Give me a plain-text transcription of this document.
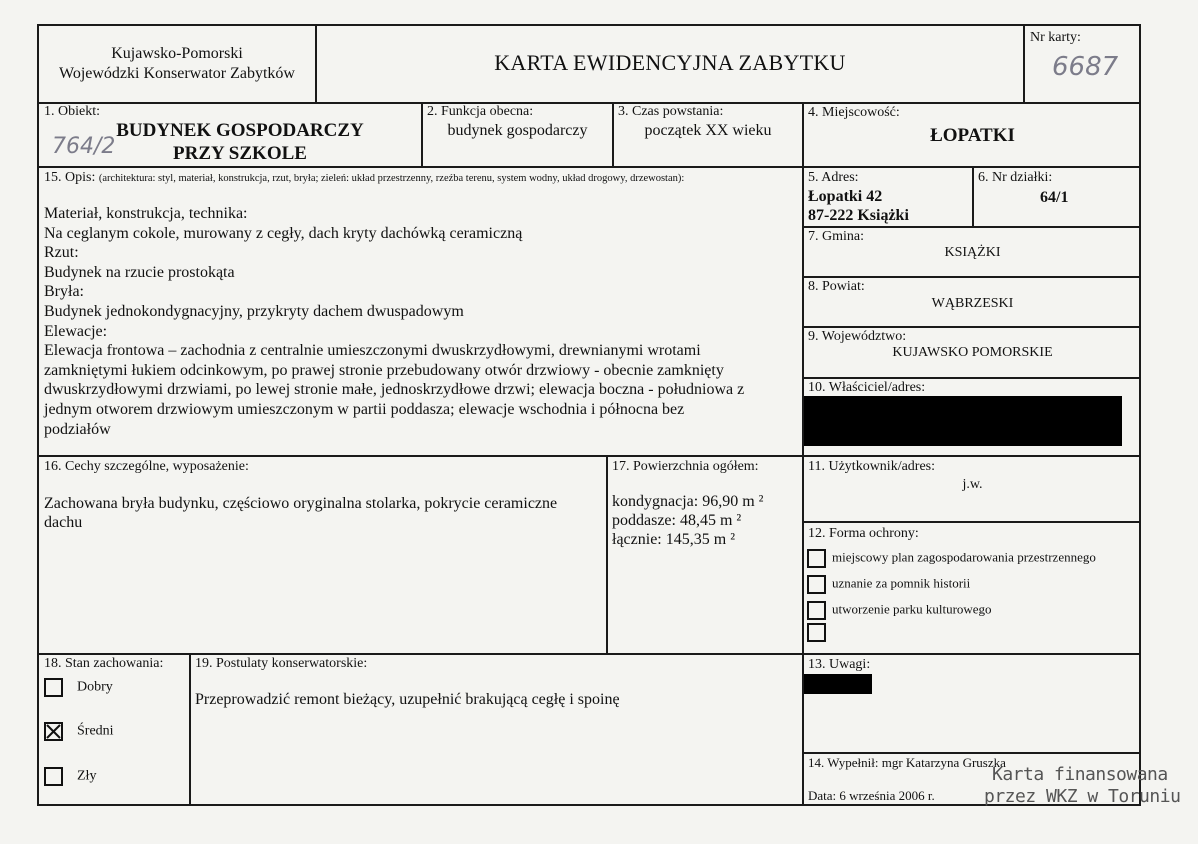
Kujawsko-Pomorski
Wojewódzki Konserwator Zabytków	KARTA EWIDENCYJNA ZABYTKU
Nr karty:
6687
1. Obiekt:
BUDYNEK GOSPODARCZY
PRZY SZKOLE
764/2
2. Funkcja obecna:
budynek gospodarczy
3. Czas powstania:
początek XX wieku
4. Miejscowość:
ŁOPATKI
5. Adres:
Łopatki 42
87-222 Książki
6. Nr działki:
64/1
7. Gmina:
KSIĄŻKI
8. Powiat:
WĄBRZESKI
9. Województwo:
KUJAWSKO POMORSKIE
10. Właściciel/adres:
11. Użytkownik/adres:
j.w.
12. Forma ochrony:
miejscowy plan zagospodarowania przestrzennego
uznanie za pomnik historii
utworzenie parku kulturowego
13. Uwagi:
14. Wypełnił: mgr Katarzyna Gruszka
Data: 6 września 2006 r.
Karta finansowana
przez WKZ w Toruniu
15. Opis: (architektura: styl, materiał, konstrukcja, rzut, bryła; zieleń: układ przestrzenny, rzeźba terenu, system wodny, układ drogowy, drzewostan):
Materiał, konstrukcja, technika:
Na ceglanym cokole, murowany z cegły, dach kryty dachówką ceramiczną
Rzut:
Budynek na rzucie prostokąta
Bryła:
Budynek jednokondygnacyjny, przykryty dachem dwuspadowym
Elewacje:
Elewacja frontowa – zachodnia z centralnie umieszczonymi dwuskrzydłowymi, drewnianymi wrotami
zamkniętymi łukiem odcinkowym, po prawej stronie przebudowany otwór drzwiowy - obecnie zamknięty
dwuskrzydłowymi drzwiami, po lewej stronie małe, jednoskrzydłowe drzwi; elewacja boczna - południowa z
jednym otworem drzwiowym umieszczonym w partii poddasza; elewacje wschodnia i północna bez
podziałów
16. Cechy szczególne, wyposażenie:
Zachowana bryła budynku, częściowo oryginalna stolarka, pokrycie ceramiczne
dachu
17. Powierzchnia ogółem:
kondygnacja: 96,90 m ²
poddasze: 48,45 m ²
łącznie: 145,35 m ²
18. Stan zachowania:
Dobry
Średni
Zły
19. Postulaty konserwatorskie:
Przeprowadzić remont bieżący, uzupełnić brakującą cegłę i spoinę
